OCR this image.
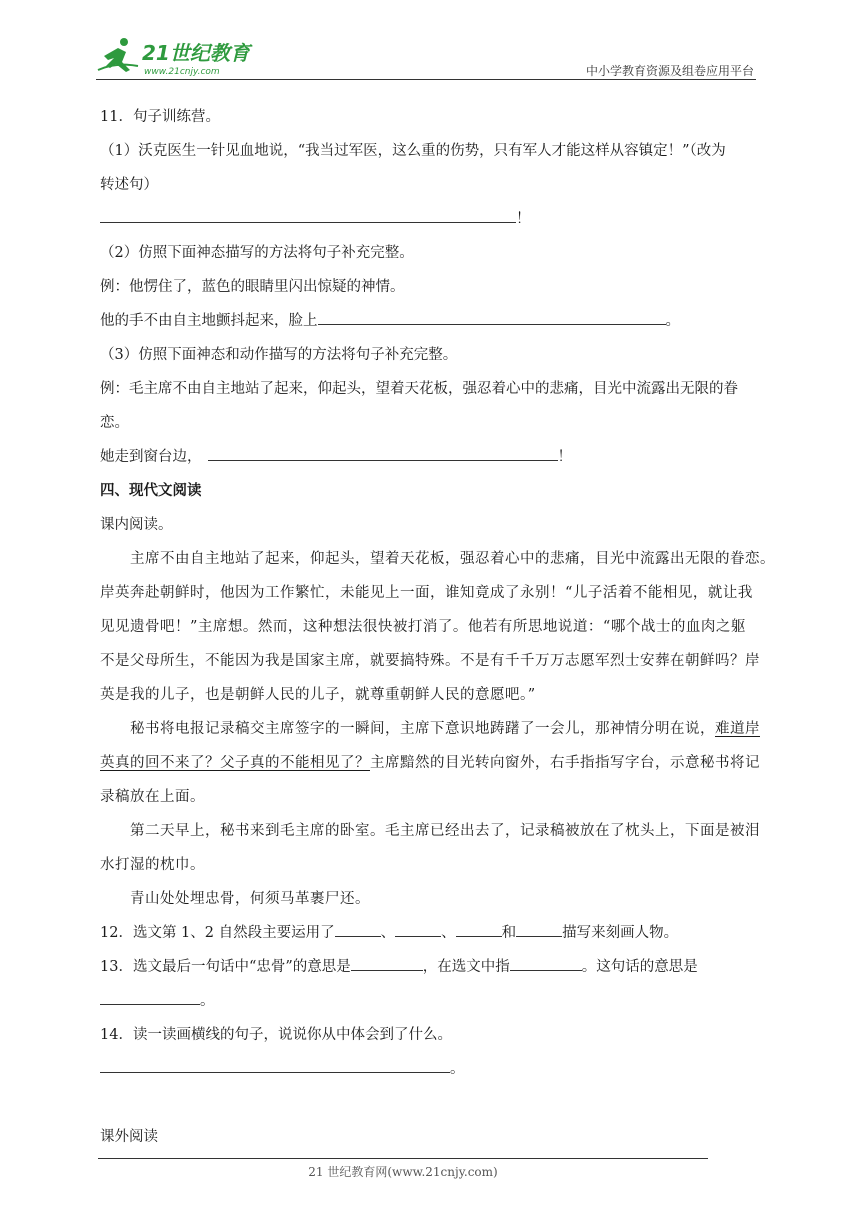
21世纪教育
www.21cnjy.com	中小学教育资源及组卷应用平台
11．句子训练营。
（1）沃克医生一针见血地说，“我当过军医，这么重的伤势，只有军人才能这样从容镇定！”（改为
转述句）
！
（2）仿照下面神态描写的方法将句子补充完整。
例：他愣住了，蓝色的眼睛里闪出惊疑的神情。
他的手不由自主地颤抖起来，脸上	。
（3）仿照下面神态和动作描写的方法将句子补充完整。
例：毛主席不由自主地站了起来，仰起头，望着天花板，强忍着心中的悲痛，目光中流露出无限的眷
恋。
她走到窗台边，	！
四、现代文阅读
课内阅读。
主席不由自主地站了起来，仰起头，望着天花板，强忍着心中的悲痛，目光中流露出无限的眷恋。
岸英奔赴朝鲜时，他因为工作繁忙，未能见上一面，谁知竟成了永别！“儿子活着不能相见，就让我
见见遗骨吧！”主席想。然而，这种想法很快被打消了。他若有所思地说道：“哪个战士的血肉之躯
不是父母所生，不能因为我是国家主席，就要搞特殊。不是有千千万万志愿军烈士安葬在朝鲜吗？岸
英是我的儿子，也是朝鲜人民的儿子，就尊重朝鲜人民的意愿吧。”
秘书将电报记录稿交主席签字的一瞬间，主席下意识地踌躇了一会儿，那神情分明在说，难道岸
英真的回不来了？父子真的不能相见了？主席黯然的目光转向窗外，右手指指写字台，示意秘书将记
录稿放在上面。
第二天早上，秘书来到毛主席的卧室。毛主席已经出去了，记录稿被放在了枕头上，下面是被泪
水打湿的枕巾。
青山处处埋忠骨，何须马革裹尸还。
12．选文第 1、2 自然段主要运用了	、	、	和	描写来刻画人物。
13．选文最后一句话中“忠骨”的意思是	，在选文中指	。这句话的意思是
。
14．读一读画横线的句子，说说你从中体会到了什么。
。
课外阅读
21 世纪教育网(www.21cnjy.com)
